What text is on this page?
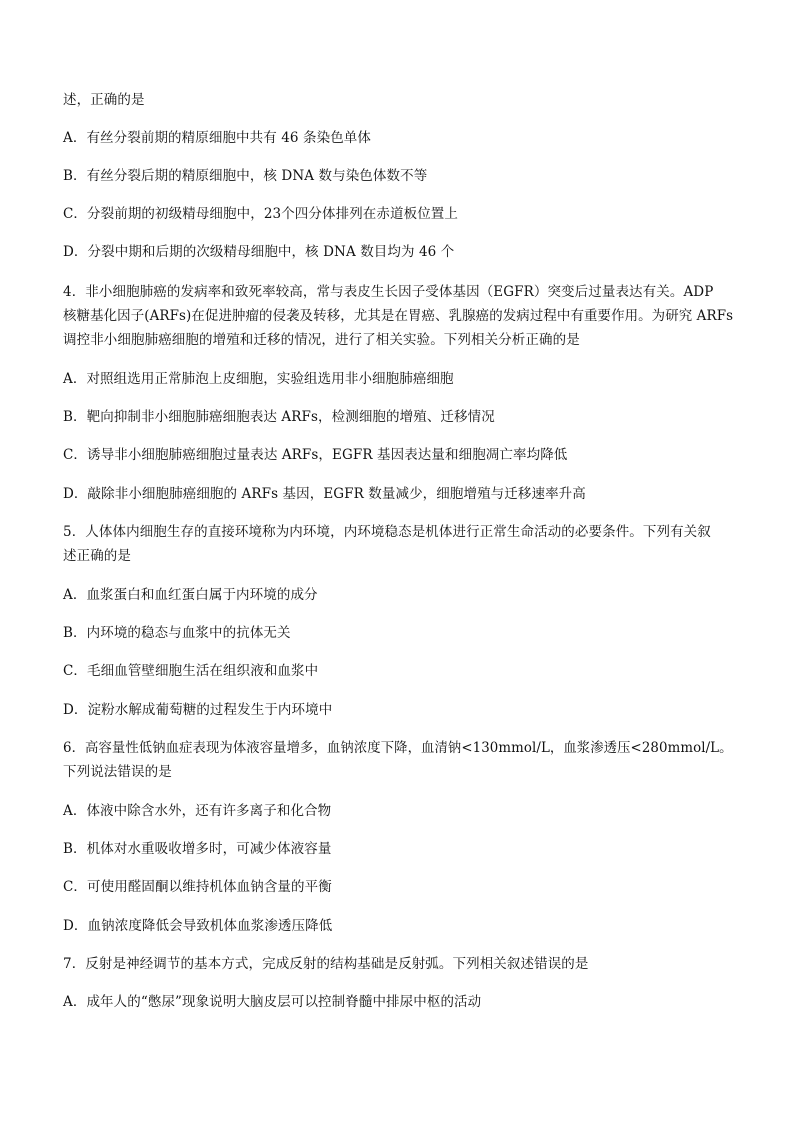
述，正确的是
A．有丝分裂前期的精原细胞中共有 46 条染色单体
B．有丝分裂后期的精原细胞中，核 DNA 数与染色体数不等
C．分裂前期的初级精母细胞中，23个四分体排列在赤道板位置上
D．分裂中期和后期的次级精母细胞中，核 DNA 数目均为 46 个
4．非小细胞肺癌的发病率和致死率较高，常与表皮生长因子受体基因（EGFR）突变后过量表达有关。ADP
核糖基化因子(ARFs)在促进肿瘤的侵袭及转移，尤其是在胃癌、乳腺癌的发病过程中有重要作用。为研究 ARFs
调控非小细胞肺癌细胞的增殖和迁移的情况，进行了相关实验。下列相关分析正确的是
A．对照组选用正常肺泡上皮细胞，实验组选用非小细胞肺癌细胞
B．靶向抑制非小细胞肺癌细胞表达 ARFs，检测细胞的增殖、迁移情况
C．诱导非小细胞肺癌细胞过量表达 ARFs，EGFR 基因表达量和细胞凋亡率均降低
D．敲除非小细胞肺癌细胞的 ARFs 基因，EGFR 数量减少，细胞增殖与迁移速率升高
5．人体体内细胞生存的直接环境称为内环境，内环境稳态是机体进行正常生命活动的必要条件。下列有关叙
述正确的是
A．血浆蛋白和血红蛋白属于内环境的成分
B．内环境的稳态与血浆中的抗体无关
C．毛细血管壁细胞生活在组织液和血浆中
D．淀粉水解成葡萄糖的过程发生于内环境中
6．高容量性低钠血症表现为体液容量增多，血钠浓度下降，血清钠<130mmol/L，血浆渗透压<280mmol/L。
下列说法错误的是
A．体液中除含水外，还有许多离子和化合物
B．机体对水重吸收增多时，可减少体液容量
C．可使用醛固酮以维持机体血钠含量的平衡
D．血钠浓度降低会导致机体血浆渗透压降低
7．反射是神经调节的基本方式，完成反射的结构基础是反射弧。下列相关叙述错误的是
A．成年人的“憋尿”现象说明大脑皮层可以控制脊髓中排尿中枢的活动
